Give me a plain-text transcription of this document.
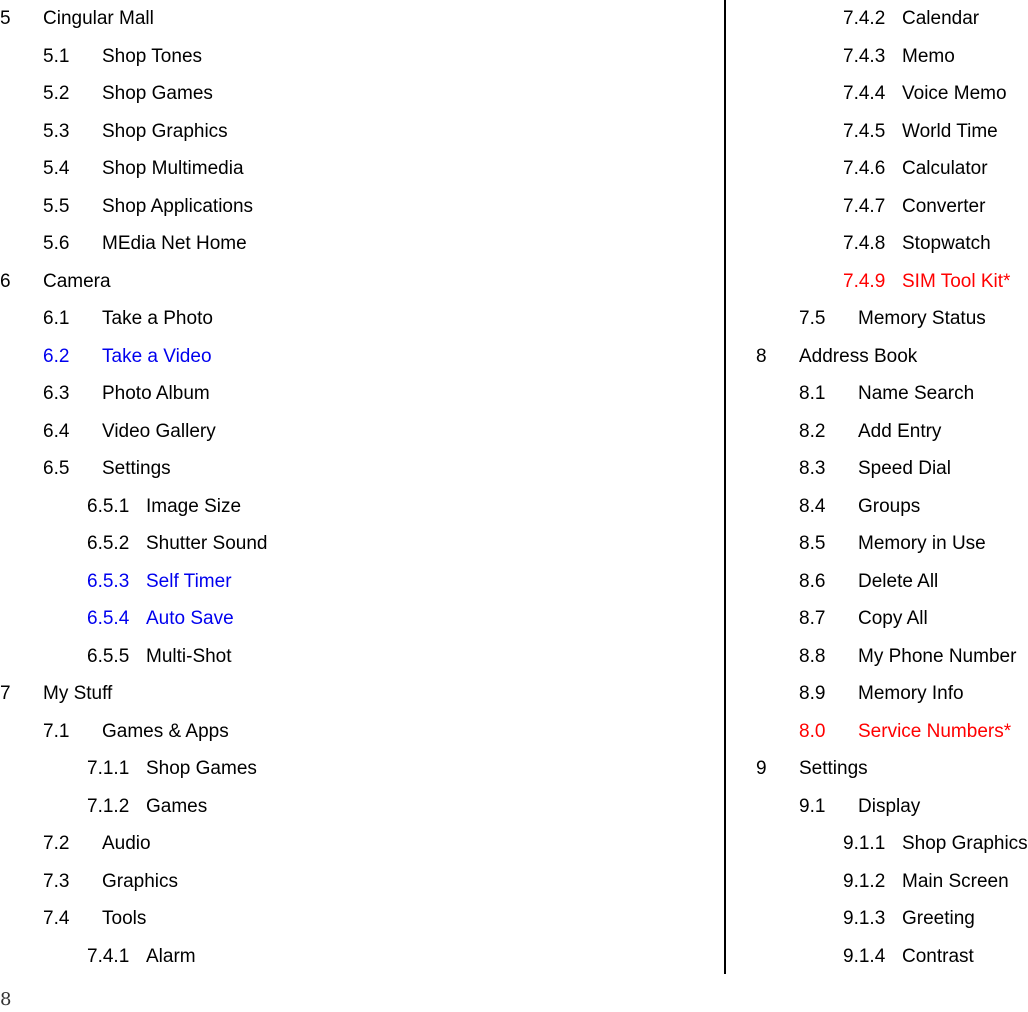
5 Cingular Mall
5.1 Shop Tones
5.2 Shop Games
5.3 Shop Graphics
5.4 Shop Multimedia
5.5 Shop Applications
5.6 MEdia Net Home
6 Camera
6.1 Take a Photo
6.2 Take a Video
6.3 Photo Album
6.4 Video Gallery
6.5 Settings
6.5.1 Image Size
6.5.2 Shutter Sound
6.5.3 Self Timer
6.5.4 Auto Save
6.5.5 Multi-Shot
7 My Stuff
7.1 Games & Apps
7.1.1 Shop Games
7.1.2 Games
7.2 Audio
7.3 Graphics
7.4 Tools
7.4.1 Alarm
7.4.2 Calendar
7.4.3 Memo
7.4.4 Voice Memo
7.4.5 World Time
7.4.6 Calculator
7.4.7 Converter
7.4.8 Stopwatch
7.4.9 SIM Tool Kit*
7.5 Memory Status
8 Address Book
8.1 Name Search
8.2 Add Entry
8.3 Speed Dial
8.4 Groups
8.5 Memory in Use
8.6 Delete All
8.7 Copy All
8.8 My Phone Number
8.9 Memory Info
8.0 Service Numbers*
9 Settings
9.1 Display
9.1.1 Shop Graphics
9.1.2 Main Screen
9.1.3 Greeting
9.1.4 Contrast
8
